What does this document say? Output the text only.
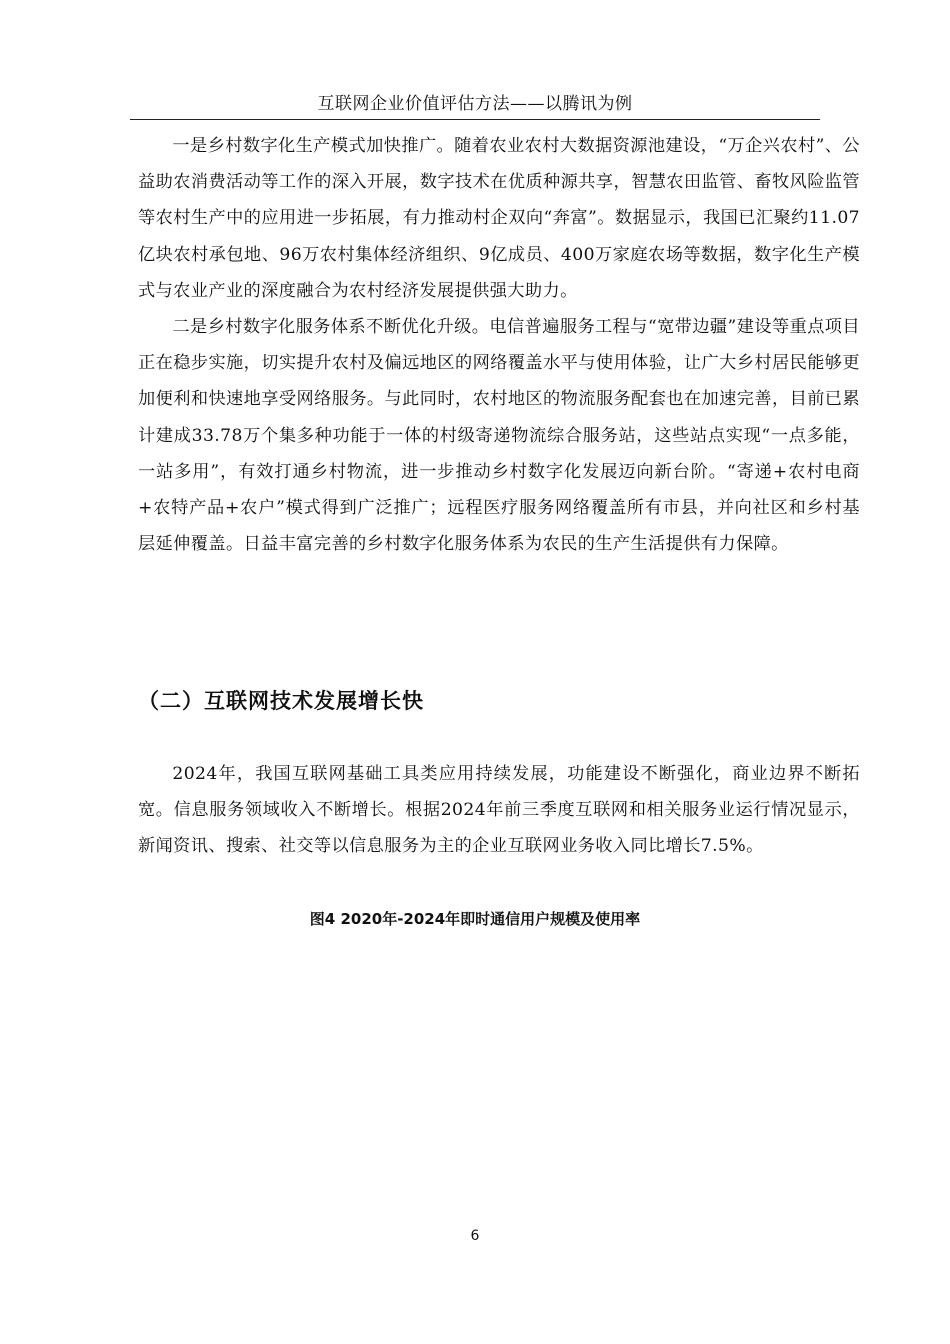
互联网企业价值评估方法——以腾讯为例

一是乡村数字化生产模式加快推广。随着农业农村大数据资源池建设，“万企兴农村”、公益助农消费活动等工作的深入开展，数字技术在优质种源共享，智慧农田监管、畜牧风险监管等农村生产中的应用进一步拓展，有力推动村企双向“奔富”。数据显示，我国已汇聚约11.07亿块农村承包地、96万农村集体经济组织、9亿成员、400万家庭农场等数据，数字化生产模式与农业产业的深度融合为农村经济发展提供强大助力。

二是乡村数字化服务体系不断优化升级。电信普遍服务工程与“宽带边疆”建设等重点项目正在稳步实施，切实提升农村及偏远地区的网络覆盖水平与使用体验，让广大乡村居民能够更加便利和快速地享受网络服务。与此同时，农村地区的物流服务配套也在加速完善，目前已累计建成33.78万个集多种功能于一体的村级寄递物流综合服务站，这些站点实现“一点多能，一站多用”，有效打通乡村物流，进一步推动乡村数字化发展迈向新台阶。“寄递+农村电商+农特产品+农户”模式得到广泛推广；远程医疗服务网络覆盖所有市县，并向社区和乡村基层延伸覆盖。日益丰富完善的乡村数字化服务体系为农民的生产生活提供有力保障。

（二）互联网技术发展增长快

2024年，我国互联网基础工具类应用持续发展，功能建设不断强化，商业边界不断拓宽。信息服务领域收入不断增长。根据2024年前三季度互联网和相关服务业运行情况显示，新闻资讯、搜索、社交等以信息服务为主的企业互联网业务收入同比增长7.5%。

图4 2020年-2024年即时通信用户规模及使用率

6
